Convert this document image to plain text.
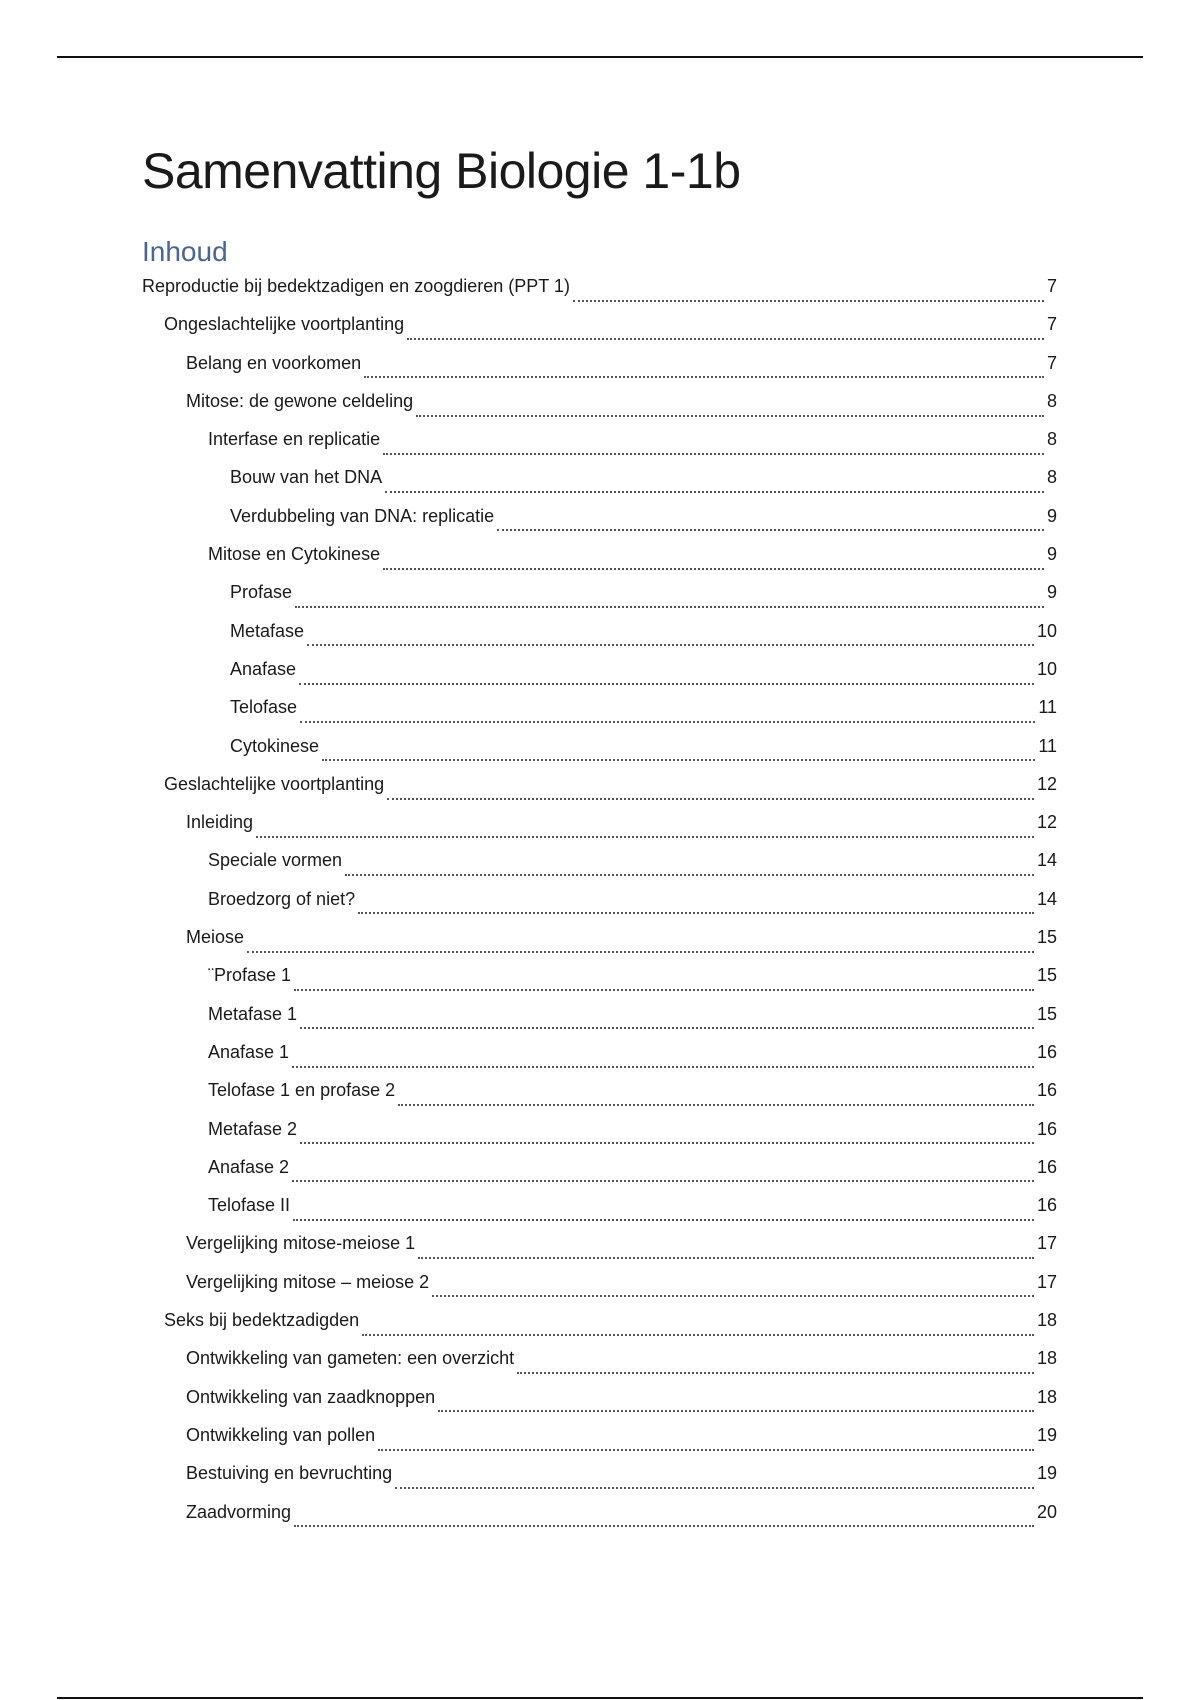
Samenvatting Biologie 1-1b
Inhoud
Reproductie bij bedektzadigen en zoogdieren (PPT 1)	7
Ongeslachtelijke voortplanting	7
Belang en voorkomen	7
Mitose: de gewone celdeling	8
Interfase en replicatie	8
Bouw van het DNA	8
Verdubbeling van DNA: replicatie	9
Mitose en Cytokinese	9
Profase	9
Metafase	10
Anafase	10
Telofase	11
Cytokinese	11
Geslachtelijke voortplanting	12
Inleiding	12
Speciale vormen	14
Broedzorg of niet?	14
Meiose	15
¨Profase 1	15
Metafase 1	15
Anafase 1	16
Telofase 1 en profase 2	16
Metafase 2	16
Anafase 2	16
Telofase II	16
Vergelijking mitose-meiose 1	17
Vergelijking mitose – meiose 2	17
Seks bij bedektzadigden	18
Ontwikkeling van gameten: een overzicht	18
Ontwikkeling van zaadknoppen	18
Ontwikkeling van pollen	19
Bestuiving en bevruchting	19
Zaadvorming	20
